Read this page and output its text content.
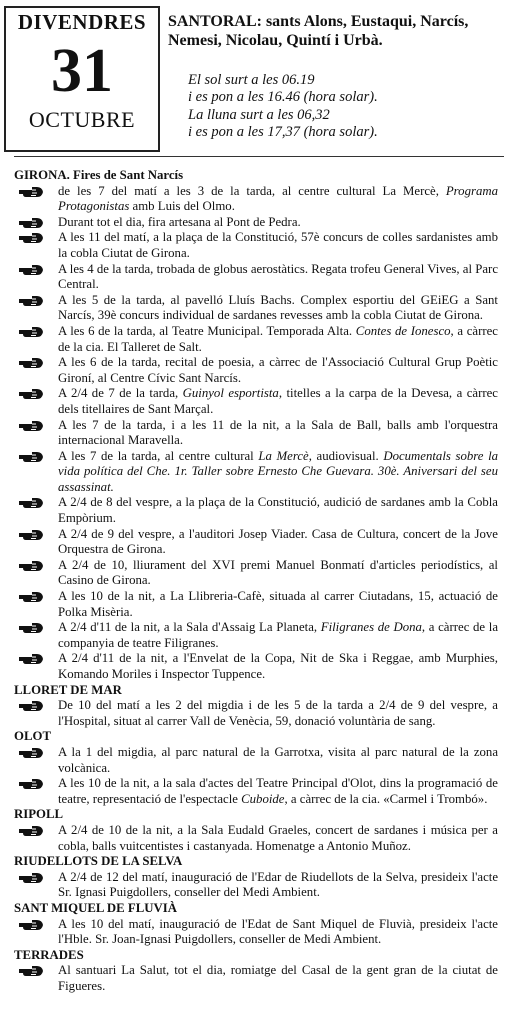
DIVENDRES
31
OCTUBRE
SANTORAL: sants Alons, Eustaqui, Narcís, Nemesi, Nicolau, Quintí i Urbà.
El sol surt a les 06.19
i es pon a les 16.46 (hora solar).
La lluna surt a les 06,32
i es pon a les 17,37 (hora solar).
GIRONA. Fires de Sant Narcís
de les 7 del matí a les 3 de la tarda, al centre cultural La Mercè, Programa Protagonistas amb Luis del Olmo.
Durant tot el dia, fira artesana al Pont de Pedra.
A les 11 del matí, a la plaça de la Constitució, 57è concurs de colles sardanistes amb la cobla Ciutat de Girona.
A les 4 de la tarda, trobada de globus aerostàtics. Regata trofeu General Vives, al Parc Central.
A les 5 de la tarda, al pavelló Lluís Bachs. Complex esportiu del GEiEG a Sant Narcís, 39è concurs individual de sardanes revesses amb la cobla Ciutat de Girona.
A les 6 de la tarda, al Teatre Municipal. Temporada Alta. Contes de Ionesco, a càrrec de la cia. El Talleret de Salt.
A les 6 de la tarda, recital de poesia, a càrrec de l'Associació Cultural Grup Poètic Gironí, al Centre Cívic Sant Narcís.
A 2/4 de 7 de la tarda, Guinyol esportista, titelles a la carpa de la Devesa, a càrrec dels titellaires de Sant Marçal.
A les 7 de la tarda, i a les 11 de la nit, a la Sala de Ball, balls amb l'orquestra internacional Maravella.
A les 7 de la tarda, al centre cultural La Mercè, audiovisual. Documentals sobre la vida política del Che. 1r. Taller sobre Ernesto Che Guevara. 30è. Aniversari del seu assassinat.
A 2/4 de 8 del vespre, a la plaça de la Constitució, audició de sardanes amb la Cobla Empòrium.
A 2/4 de 9 del vespre, a l'auditori Josep Viader. Casa de Cultura, concert de la Jove Orquestra de Girona.
A 2/4 de 10, lliurament del XVI premi Manuel Bonmatí d'articles periodístics, al Casino de Girona.
A les 10 de la nit, a La Llibreria-Cafè, situada al carrer Ciutadans, 15, actuació de Polka Misèria.
A 2/4 d'11 de la nit, a la Sala d'Assaig La Planeta, Filigranes de Dona, a càrrec de la companyia de teatre Filigranes.
A 2/4 d'11 de la nit, a l'Envelat de la Copa, Nit de Ska i Reggae, amb Murphies, Komando Moriles i Inspector Tuppence.
LLORET DE MAR
De 10 del matí a les 2 del migdia i de les 5 de la tarda a 2/4 de 9 del vespre, a l'Hospital, situat al carrer Vall de Venècia, 59, donació voluntària de sang.
OLOT
A la 1 del migdia, al parc natural de la Garrotxa, visita al parc natural de la zona volcànica.
A les 10 de la nit, a la sala d'actes del Teatre Principal d'Olot, dins la programació de teatre, representació de l'espectacle Cuboide, a càrrec de la cia. «Carmel i Trombó».
RIPOLL
A 2/4 de 10 de la nit, a la Sala Eudald Graeles, concert de sardanes i música per a cobla, balls vuitcentistes i castanyada. Homenatge a Antonio Muñoz.
RIUDELLOTS DE LA SELVA
A 2/4 de 12 del matí, inauguració de l'Edar de Riudellots de la Selva, presideix l'acte Sr. Ignasi Puigdollers, conseller del Medi Ambient.
SANT MIQUEL DE FLUVIÀ
A les 10 del matí, inauguració de l'Edat de Sant Miquel de Fluvià, presideix l'acte l'Hble. Sr. Joan-Ignasi Puigdollers, conseller de Medi Ambient.
TERRADES
Al santuari La Salut, tot el dia, romiatge del Casal de la gent gran de la ciutat de Figueres.
